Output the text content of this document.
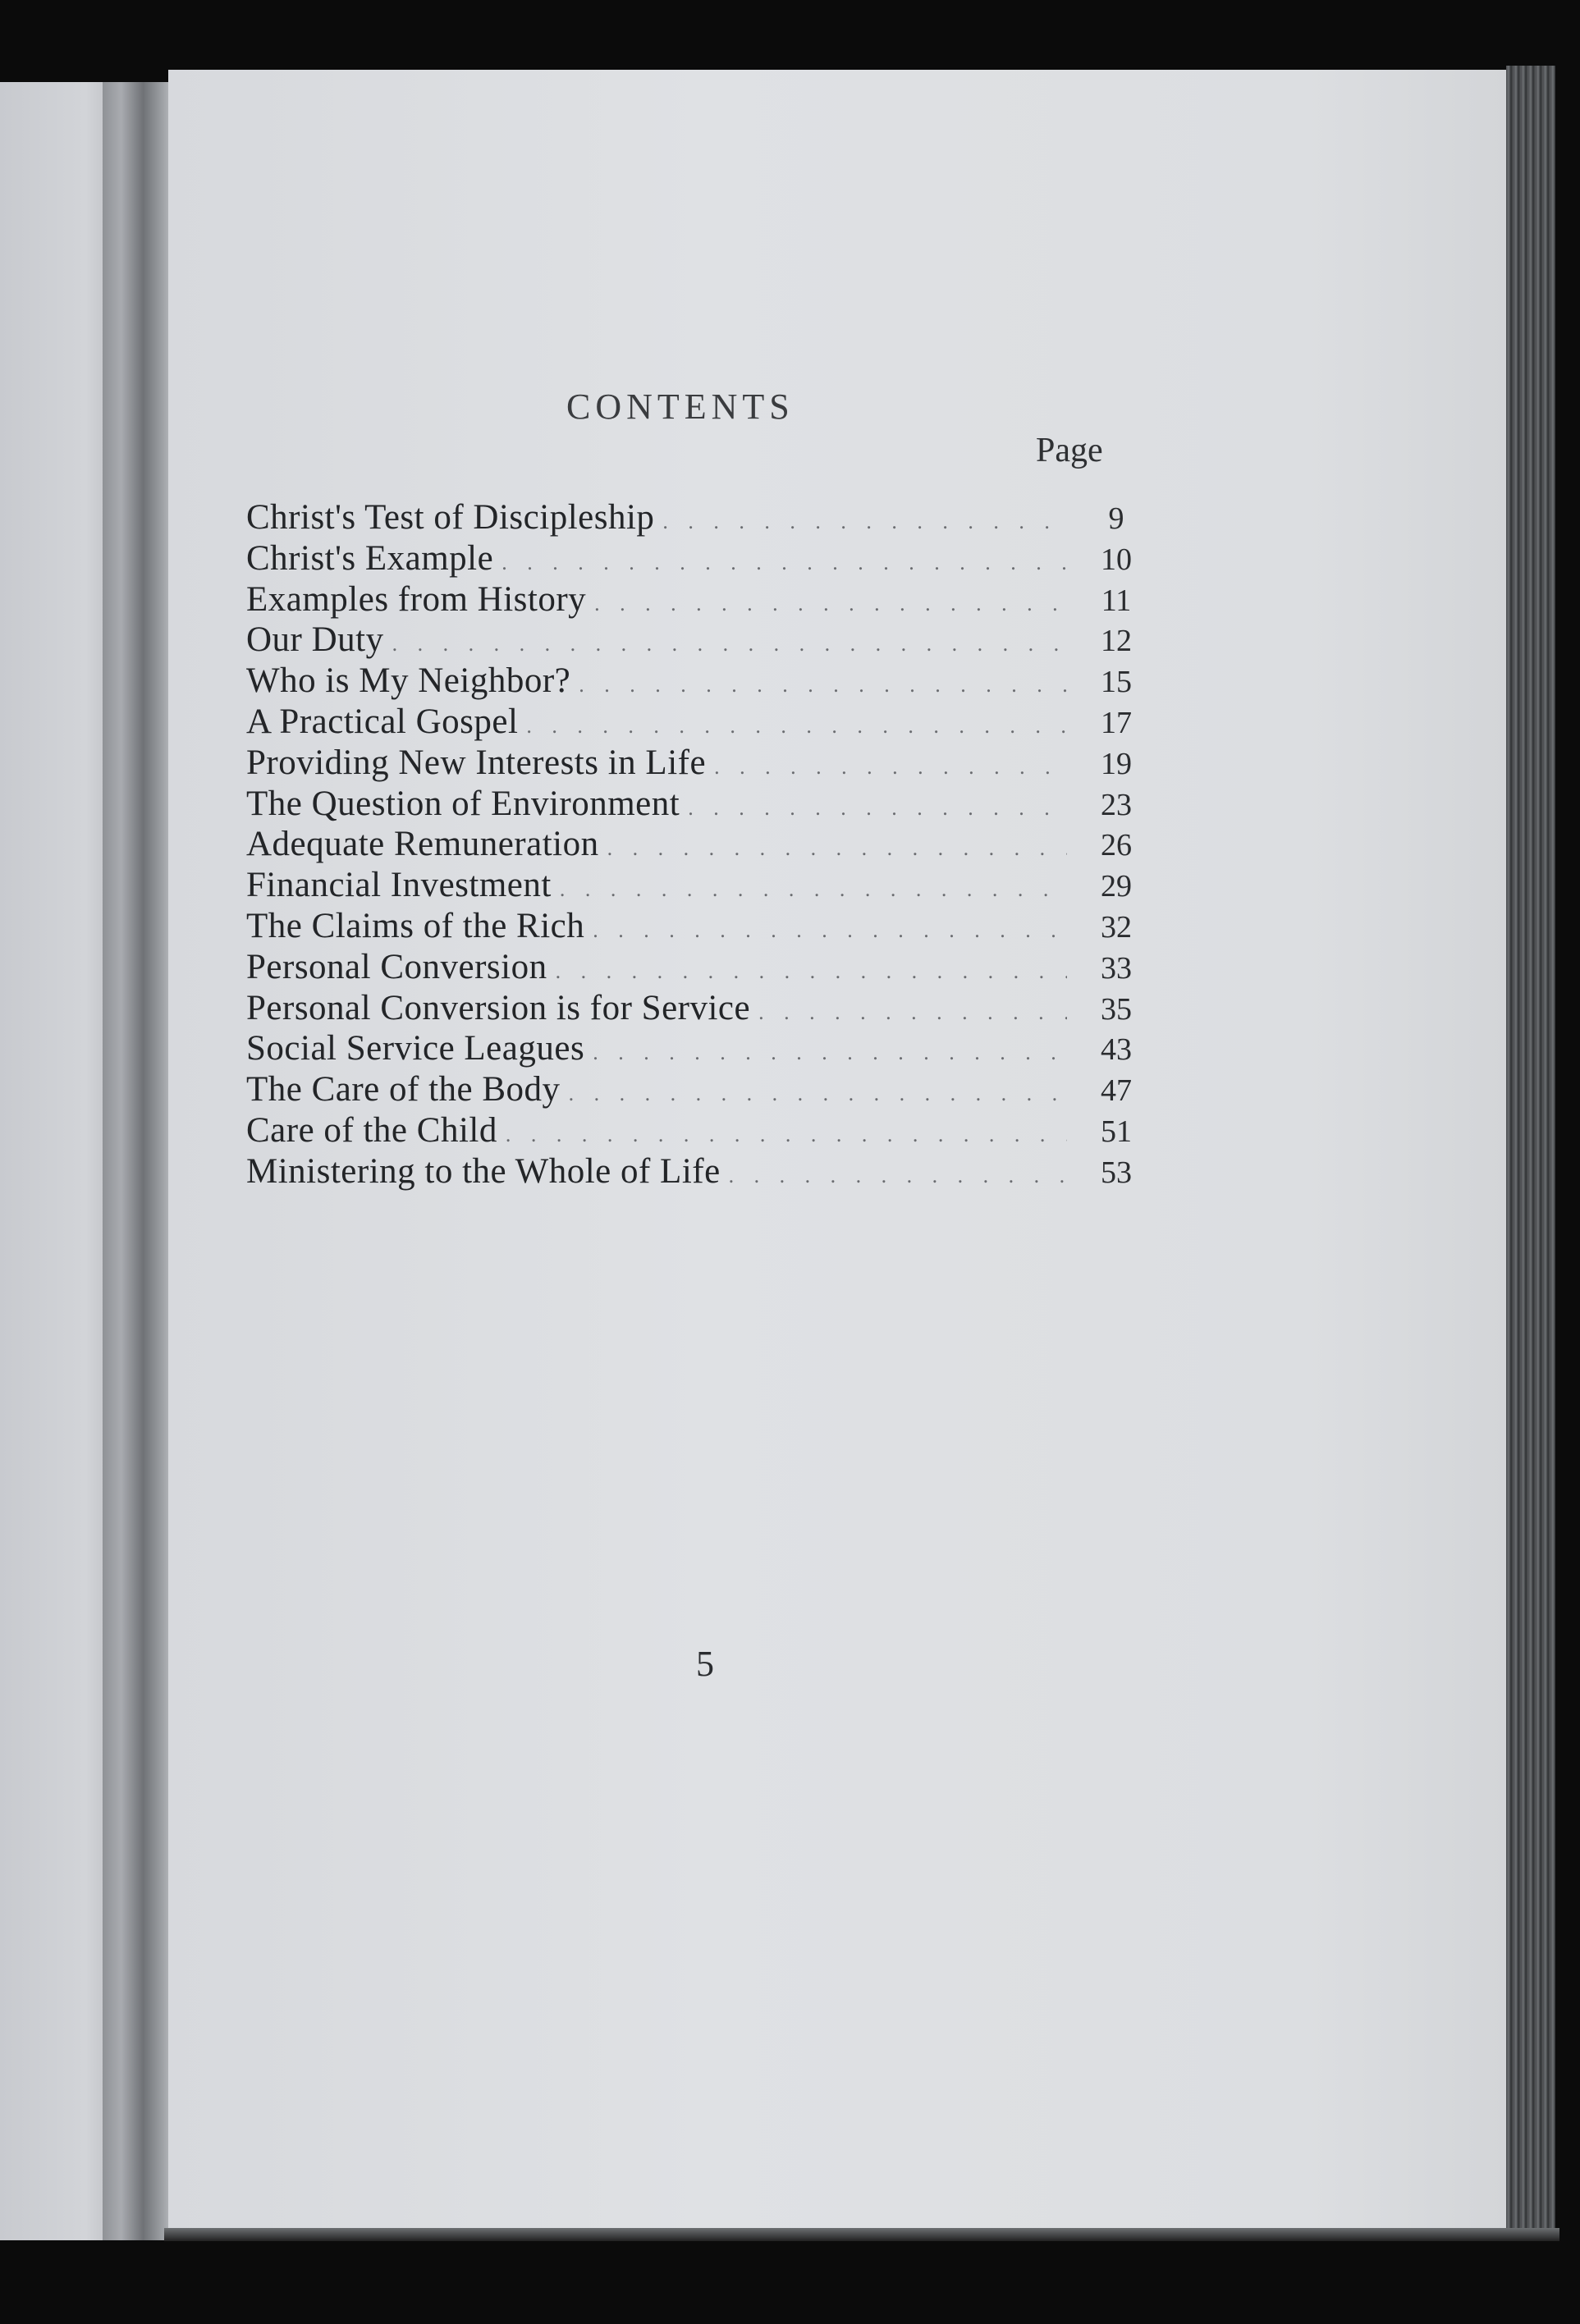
CONTENTS
Page
Christ's Test of Discipleship . . .	9
Christ's Example . . .	10
Examples from History . . .	11
Our Duty . . .	12
Who is My Neighbor? . . .	15
A Practical Gospel . . .	17
Providing New Interests in Life . . .	19
The Question of Environment . . .	23
Adequate Remuneration . . .	26
Financial Investment . . .	29
The Claims of the Rich . . .	32
Personal Conversion . . .	33
Personal Conversion is for Service . . .	35
Social Service Leagues . . .	43
The Care of the Body . . .	47
Care of the Child . . .	51
Ministering to the Whole of Life . . .	53
5
